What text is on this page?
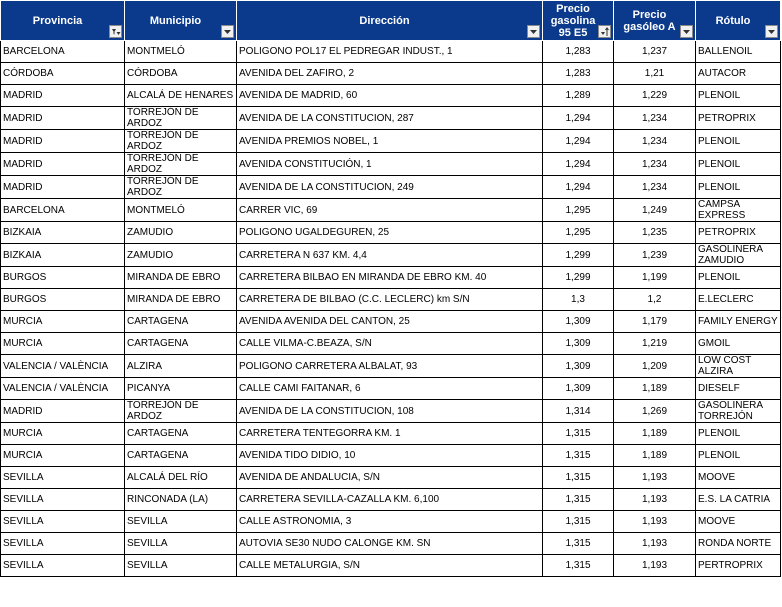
Provincia	Municipio	Dirección	Precio gasolina 95 E5	Precio gasóleo A	Rótulo

BARCELONA	MONTMELÓ	POLIGONO POL17 EL PEDREGAR INDUST., 1	1,283	1,237	BALLENOIL
CÓRDOBA	CÓRDOBA	AVENIDA DEL ZAFIRO, 2	1,283	1,21	AUTACOR
MADRID	ALCALÁ DE HENARES	AVENIDA DE MADRID, 60	1,289	1,229	PLENOIL
MADRID	TORREJÓN DE ARDOZ	AVENIDA DE LA CONSTITUCION, 287	1,294	1,234	PETROPRIX
MADRID	TORREJÓN DE ARDOZ	AVENIDA PREMIOS NOBEL, 1	1,294	1,234	PLENOIL
MADRID	TORREJÓN DE ARDOZ	AVENIDA CONSTITUCIÓN, 1	1,294	1,234	PLENOIL
MADRID	TORREJÓN DE ARDOZ	AVENIDA DE LA CONSTITUCION, 249	1,294	1,234	PLENOIL
BARCELONA	MONTMELÓ	CARRER VIC, 69	1,295	1,249	CAMPSA EXPRESS
BIZKAIA	ZAMUDIO	POLIGONO UGALDEGUREN, 25	1,295	1,235	PETROPRIX
BIZKAIA	ZAMUDIO	CARRETERA N 637 KM. 4,4	1,299	1,239	GASOLINERA ZAMUDIO
BURGOS	MIRANDA DE EBRO	CARRETERA BILBAO EN MIRANDA DE EBRO KM. 40	1,299	1,199	PLENOIL
BURGOS	MIRANDA DE EBRO	CARRETERA DE BILBAO (C.C. LECLERC) km S/N	1,3	1,2	E.LECLERC
MURCIA	CARTAGENA	AVENIDA AVENIDA DEL CANTON, 25	1,309	1,179	FAMILY ENERGY
MURCIA	CARTAGENA	CALLE VILMA-C.BEAZA, S/N	1,309	1,219	GMOIL
VALENCIA / VALÈNCIA	ALZIRA	POLIGONO CARRETERA ALBALAT, 93	1,309	1,209	LOW COST ALZIRA
VALENCIA / VALÈNCIA	PICANYA	CALLE CAMI FAITANAR, 6	1,309	1,189	DIESELF
MADRID	TORREJÓN DE ARDOZ	AVENIDA DE LA CONSTITUCION, 108	1,314	1,269	GASOLINERA TORREJÓN
MURCIA	CARTAGENA	CARRETERA TENTEGORRA KM. 1	1,315	1,189	PLENOIL
MURCIA	CARTAGENA	AVENIDA TIDO DIDIO, 10	1,315	1,189	PLENOIL
SEVILLA	ALCALÁ DEL RÍO	AVENIDA DE ANDALUCIA, S/N	1,315	1,193	MOOVE
SEVILLA	RINCONADA (LA)	CARRETERA SEVILLA-CAZALLA KM. 6,100	1,315	1,193	E.S. LA CATRIA
SEVILLA	SEVILLA	CALLE ASTRONOMIA, 3	1,315	1,193	MOOVE
SEVILLA	SEVILLA	AUTOVIA SE30 NUDO CALONGE KM. SN	1,315	1,193	RONDA NORTE
SEVILLA	SEVILLA	CALLE METALURGIA, S/N	1,315	1,193	PERTROPRIX
